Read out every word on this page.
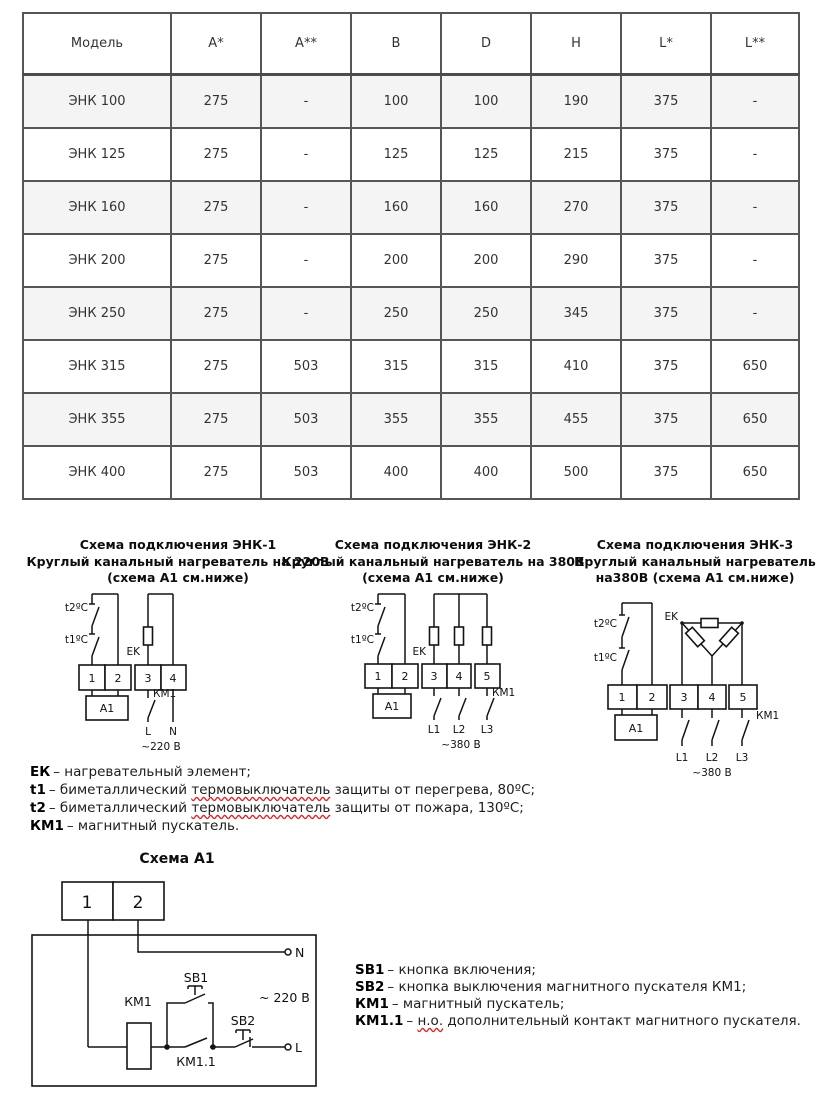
Модель	А*	А**	В	D	Н	L*	L**
ЭНК 100	275	-	100	100	190	375	-
ЭНК 125	275	-	125	125	215	375	-
ЭНК 160	275	-	160	160	270	375	-
ЭНК 200	275	-	200	200	290	375	-
ЭНК 250	275	-	250	250	345	375	-
ЭНК 315	275	503	315	315	410	375	650
ЭНК 355	275	503	355	355	455	375	650
ЭНК 400	275	503	400	400	500	375	650
Схема подключения ЭНК-1
Круглый канальный нагреватель на 220В
(схема А1 см.ниже)
Схема подключения ЭНК-2
Круглый канальный нагреватель на 380В
(схема А1 см.ниже)
Схема подключения ЭНК-3
Круглый канальный нагреватель
на380В (схема А1 см.ниже)
t2ºC
t1ºC
EK
1 2 3 4
А1
КМ1
L N
~220 В
t2ºC
t1ºC
EK
1 2 3 4 5
А1
КМ1
L1 L2 L3
~380 В
t2ºC
t1ºC
EK
1 2 3 4 5
А1
КМ1
L1 L2 L3
~380 В
ЕК – нагревательный элемент;
t1 – биметаллический термовыключатель защиты от перегрева, 80ºС;
t2 – биметаллический термовыключатель защиты от пожара, 130ºС;
КМ1 – магнитный пускатель.
Схема А1
1 2
N
L
КМ1
SB1
SB2
КМ1.1
~ 220 В
SB1 – кнопка включения;
SB2 – кнопка выключения магнитного пускателя КМ1;
КМ1 – магнитный пускатель;
КМ1.1 – н.о. дополнительный контакт магнитного пускателя.
